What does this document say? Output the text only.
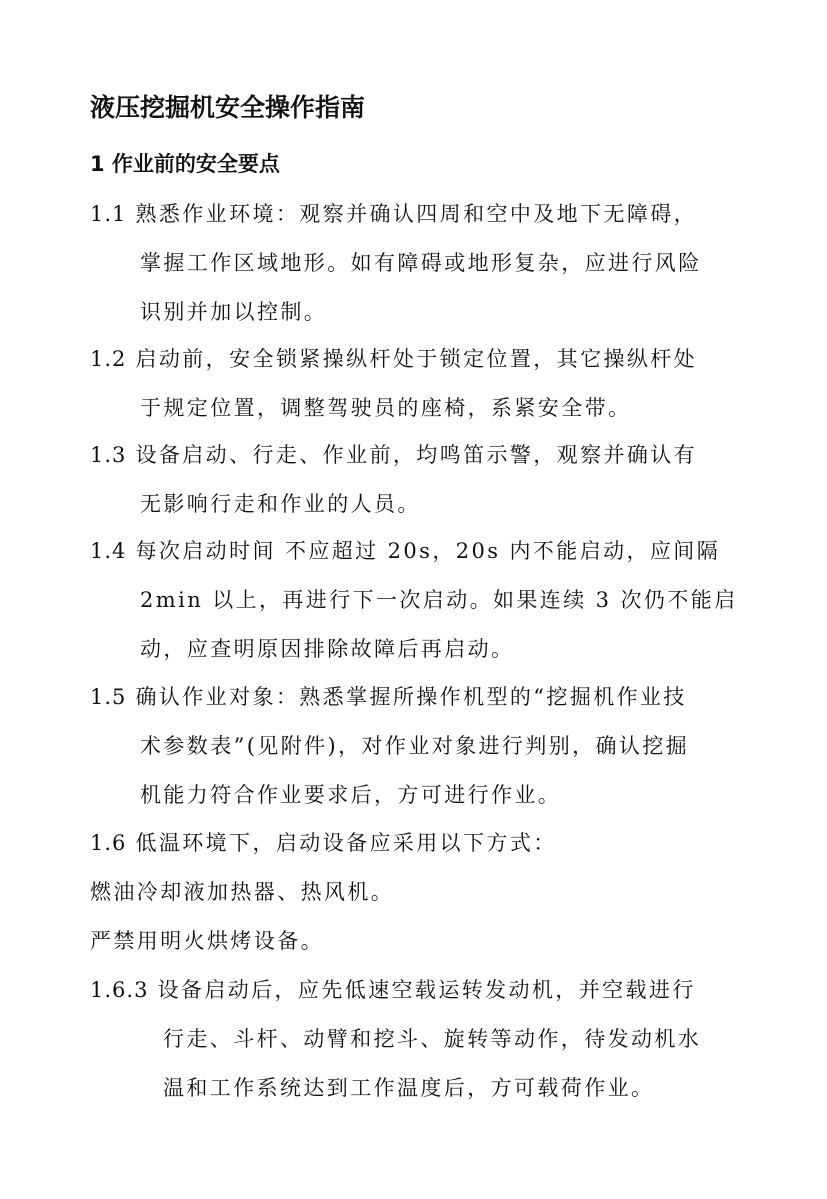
液压挖掘机安全操作指南
1 作业前的安全要点
1.1 熟悉作业环境：观察并确认四周和空中及地下无障碍，
掌握工作区域地形。如有障碍或地形复杂，应进行风险
识别并加以控制。
1.2 启动前，安全锁紧操纵杆处于锁定位置，其它操纵杆处
于规定位置，调整驾驶员的座椅，系紧安全带。
1.3 设备启动、行走、作业前，均鸣笛示警，观察并确认有
无影响行走和作业的人员。
1.4 每次启动时间 不应超过 20s，20s 内不能启动，应间隔
2min 以上，再进行下一次启动。如果连续 3 次仍不能启
动，应查明原因排除故障后再启动。
1.5 确认作业对象：熟悉掌握所操作机型的“挖掘机作业技
术参数表”(见附件)，对作业对象进行判别，确认挖掘
机能力符合作业要求后，方可进行作业。
1.6 低温环境下，启动设备应采用以下方式：
燃油冷却液加热器、热风机。
严禁用明火烘烤设备。
1.6.3 设备启动后，应先低速空载运转发动机，并空载进行
行走、斗杆、动臂和挖斗、旋转等动作，待发动机水
温和工作系统达到工作温度后，方可载荷作业。
